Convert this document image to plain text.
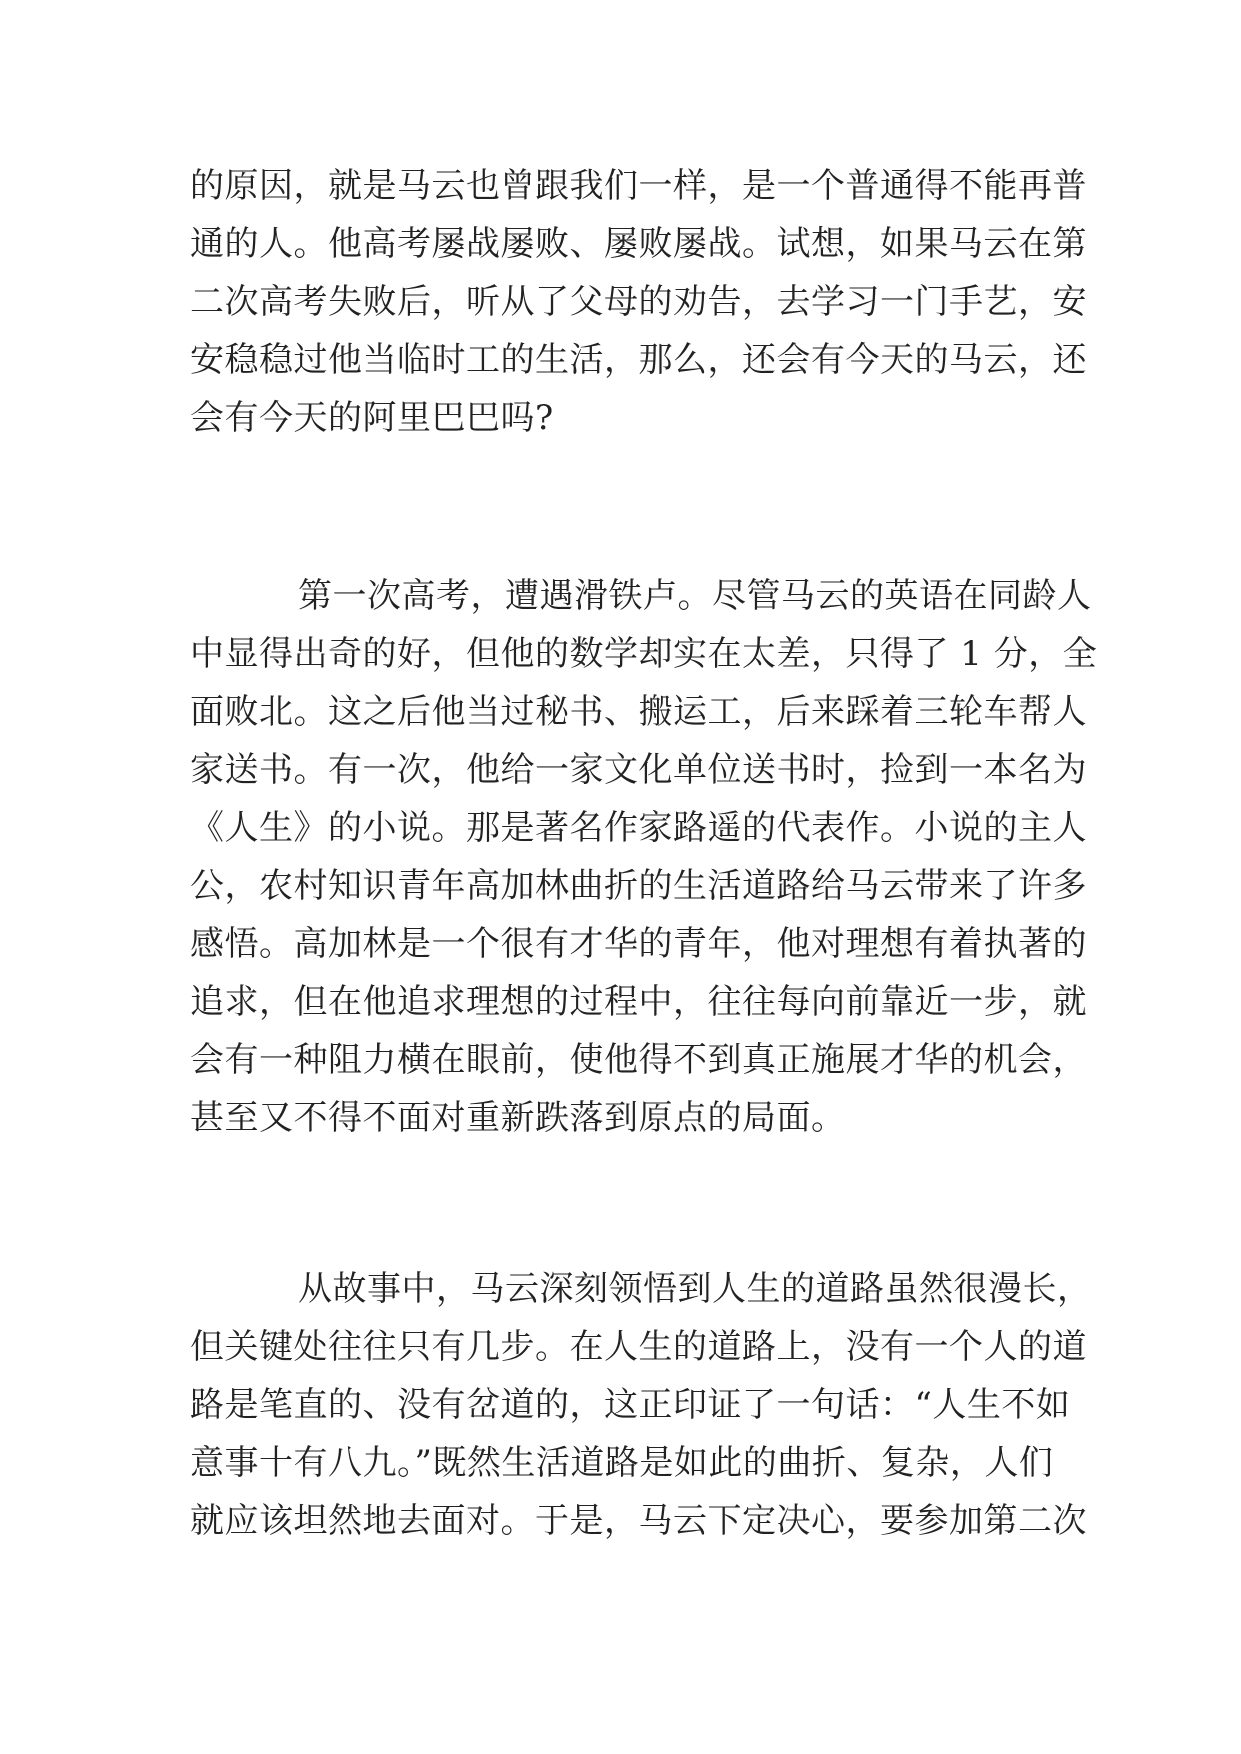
的原因，就是马云也曾跟我们一样，是一个普通得不能再普
通的人。他高考屡战屡败、屡败屡战。试想，如果马云在第
二次高考失败后，听从了父母的劝告，去学习一门手艺，安
安稳稳过他当临时工的生活，那么，还会有今天的马云，还
会有今天的阿里巴巴吗?
第一次高考，遭遇滑铁卢。尽管马云的英语在同龄人
中显得出奇的好，但他的数学却实在太差，只得了 1 分，全
面败北。这之后他当过秘书、搬运工，后来踩着三轮车帮人
家送书。有一次，他给一家文化单位送书时，捡到一本名为
《人生》的小说。那是著名作家路遥的代表作。小说的主人
公，农村知识青年高加林曲折的生活道路给马云带来了许多
感悟。高加林是一个很有才华的青年，他对理想有着执著的
追求，但在他追求理想的过程中，往往每向前靠近一步，就
会有一种阻力横在眼前，使他得不到真正施展才华的机会，
甚至又不得不面对重新跌落到原点的局面。
从故事中，马云深刻领悟到人生的道路虽然很漫长，
但关键处往往只有几步。在人生的道路上，没有一个人的道
路是笔直的、没有岔道的，这正印证了一句话：“人生不如
意事十有八九。”既然生活道路是如此的曲折、复杂，人们
就应该坦然地去面对。于是，马云下定决心，要参加第二次
